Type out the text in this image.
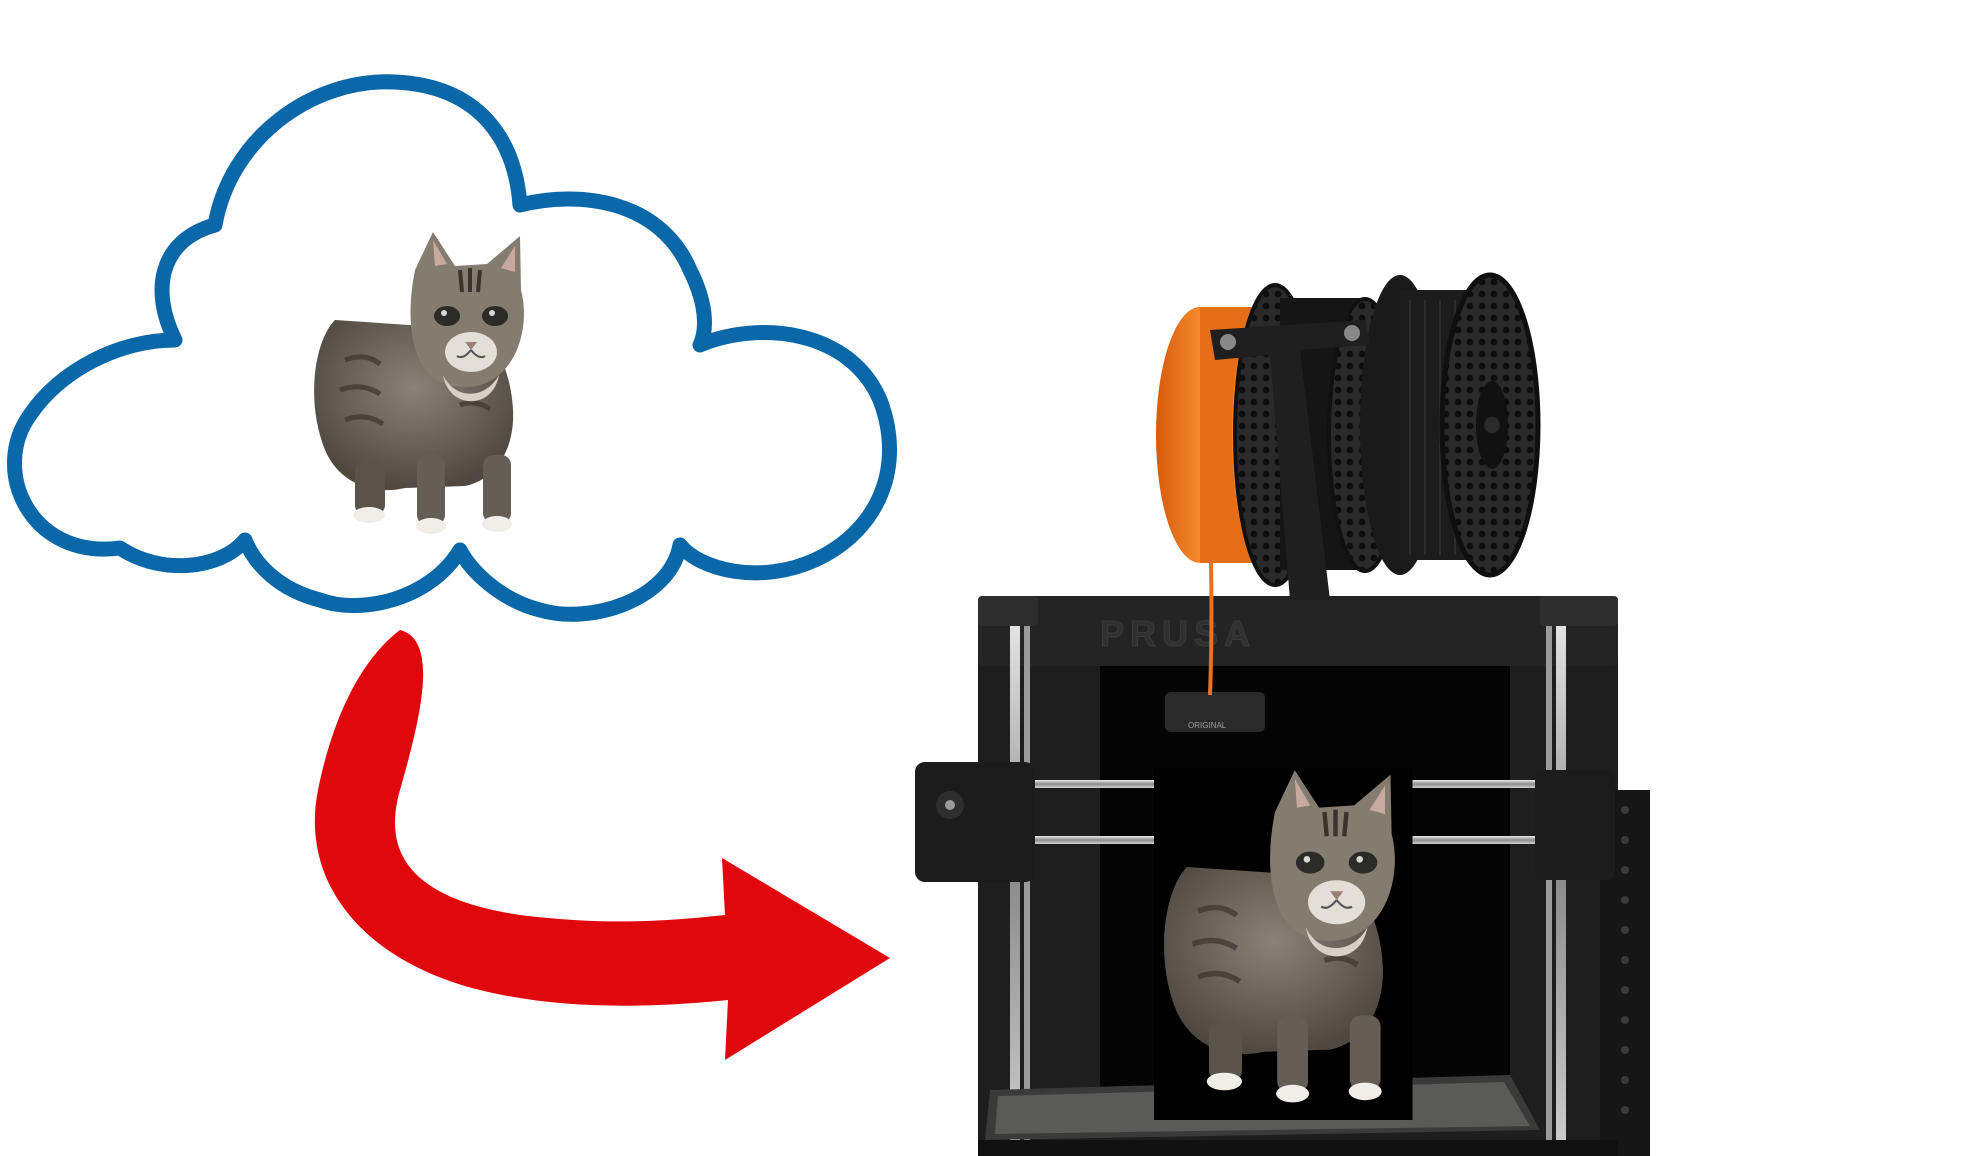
PRUSA
ORIGINAL
